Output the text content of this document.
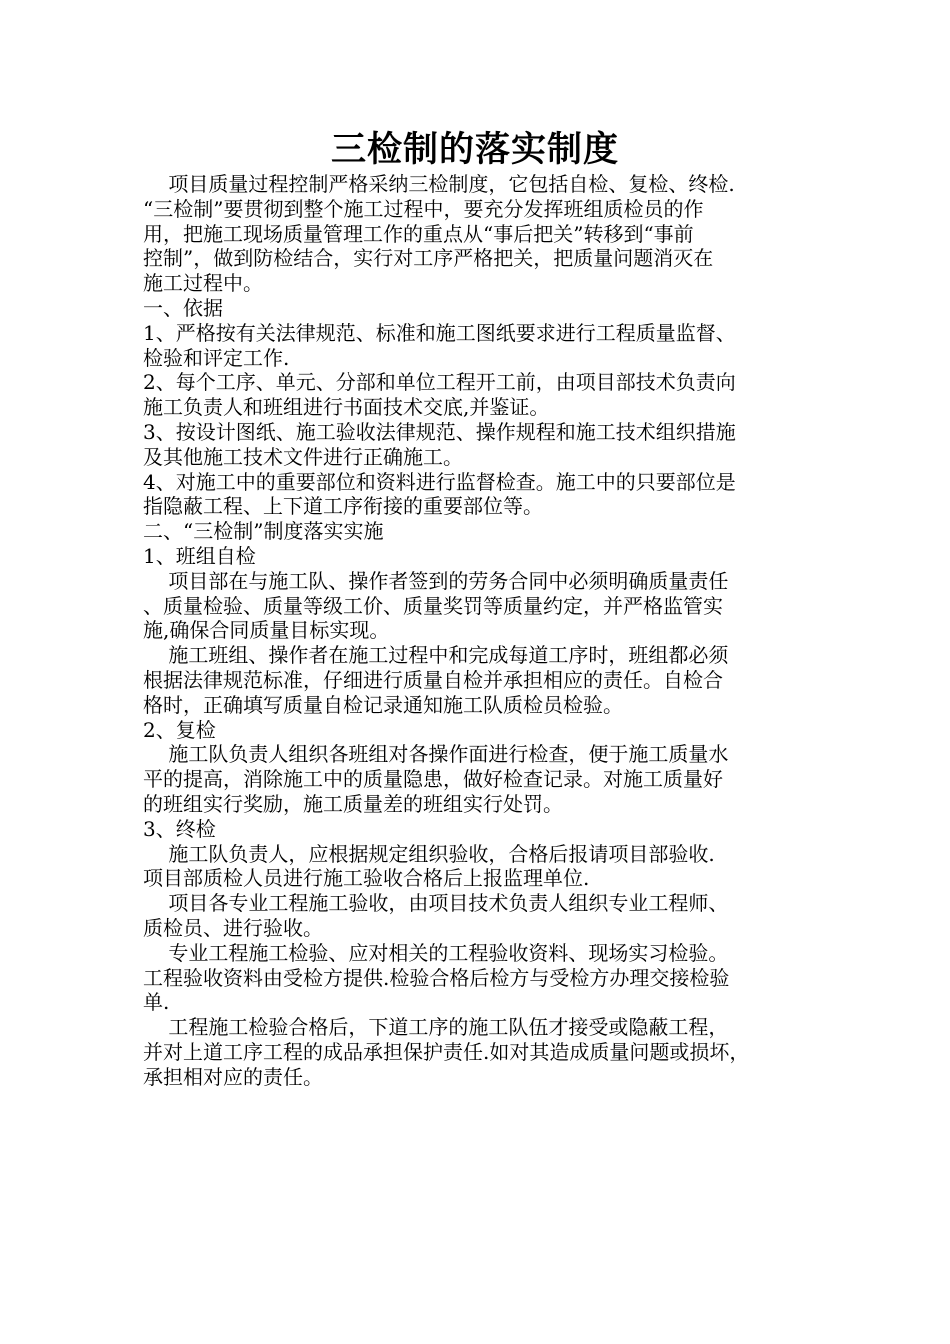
三检制的落实制度
项目质量过程控制严格采纳三检制度，它包括自检、复检、终检.
“三检制”要贯彻到整个施工过程中，要充分发挥班组质检员的作
用，把施工现场质量管理工作的重点从“事后把关”转移到“事前
控制”，做到防检结合，实行对工序严格把关，把质量问题消灭在
施工过程中。
一、依据
1、严格按有关法律规范、标准和施工图纸要求进行工程质量监督、
检验和评定工作.
2、每个工序、单元、分部和单位工程开工前，由项目部技术负责向
施工负责人和班组进行书面技术交底,并鉴证。
3、按设计图纸、施工验收法律规范、操作规程和施工技术组织措施
及其他施工技术文件进行正确施工。
4、对施工中的重要部位和资料进行监督检查。施工中的只要部位是
指隐蔽工程、上下道工序衔接的重要部位等。
二、“三检制”制度落实实施
1、班组自检
项目部在与施工队、操作者签到的劳务合同中必须明确质量责任
、质量检验、质量等级工价、质量奖罚等质量约定，并严格监管实
施,确保合同质量目标实现。
施工班组、操作者在施工过程中和完成每道工序时，班组都必须
根据法律规范标准，仔细进行质量自检并承担相应的责任。自检合
格时，正确填写质量自检记录通知施工队质检员检验。
2、复检
施工队负责人组织各班组对各操作面进行检查，便于施工质量水
平的提高，消除施工中的质量隐患，做好检查记录。对施工质量好
的班组实行奖励，施工质量差的班组实行处罚。
3、终检
施工队负责人，应根据规定组织验收，合格后报请项目部验收.
项目部质检人员进行施工验收合格后上报监理单位.
项目各专业工程施工验收，由项目技术负责人组织专业工程师、
质检员、进行验收。
专业工程施工检验、应对相关的工程验收资料、现场实习检验。
工程验收资料由受检方提供.检验合格后检方与受检方办理交接检验
单.
工程施工检验合格后，下道工序的施工队伍才接受或隐蔽工程，
并对上道工序工程的成品承担保护责任.如对其造成质量问题或损坏，
承担相对应的责任。
